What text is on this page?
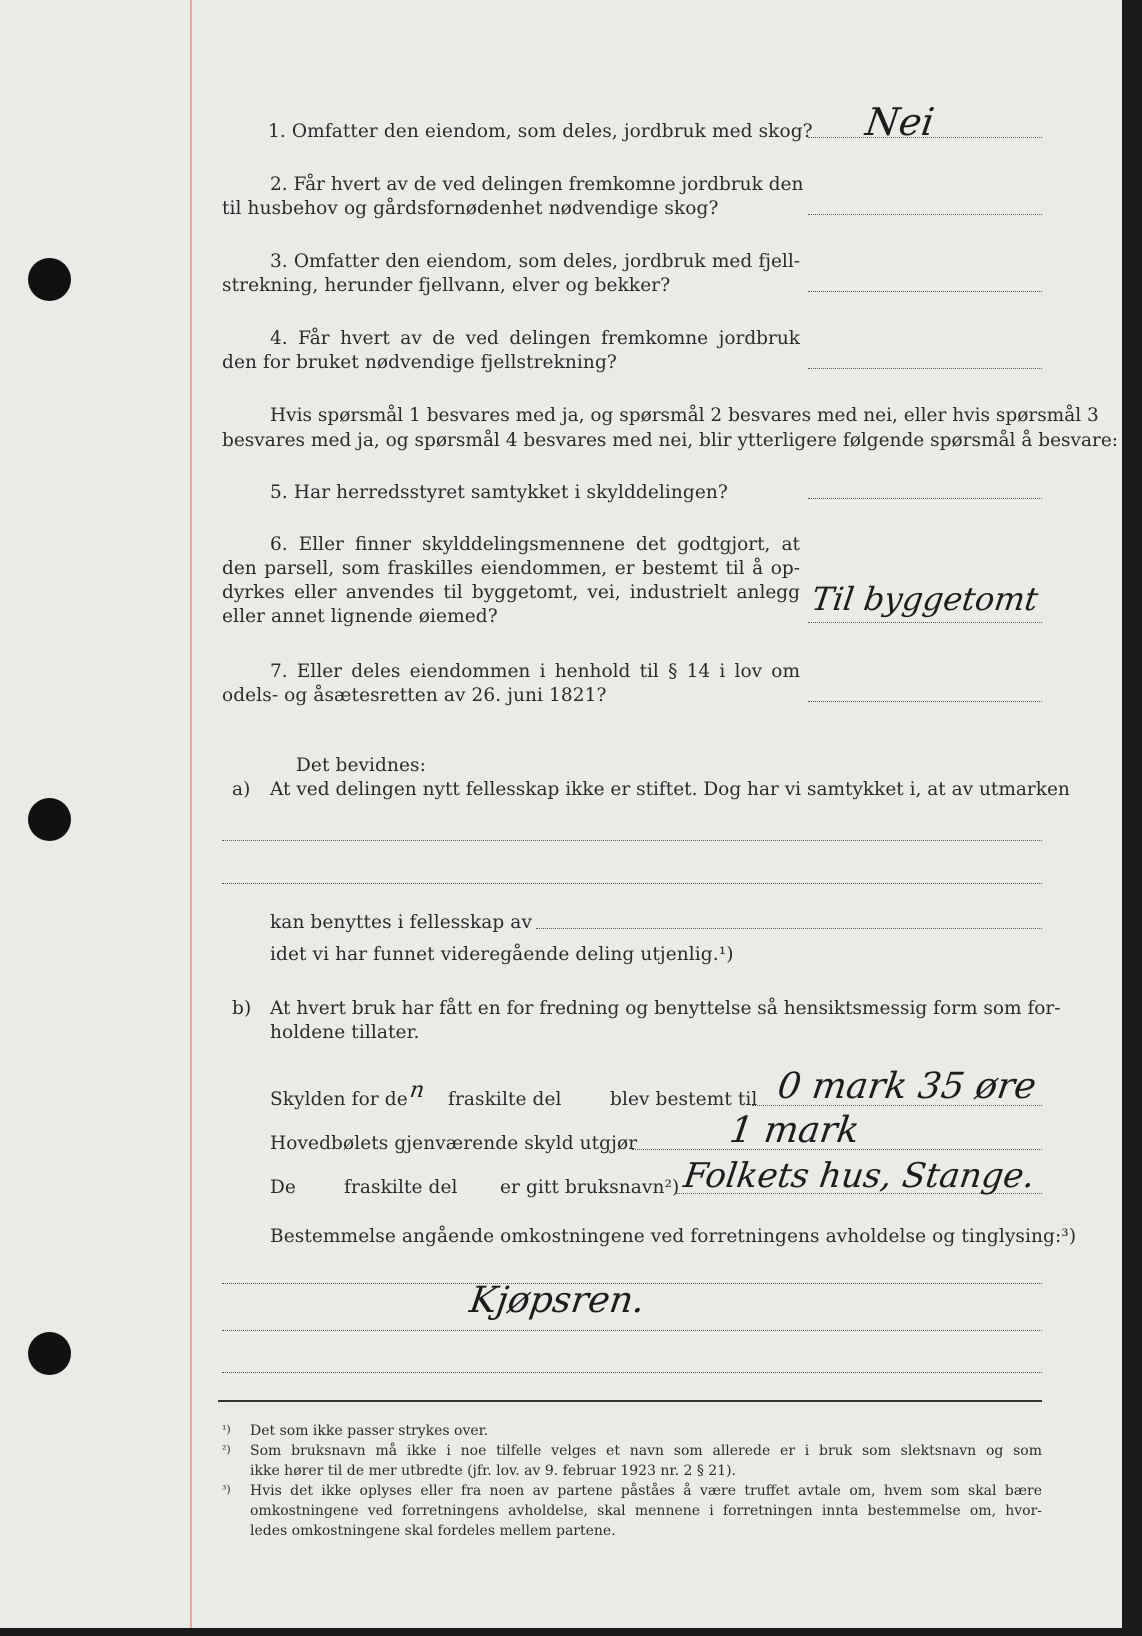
1. Omfatter den eiendom, som deles, jordbruk med skog? Nei
2. Får hvert av de ved delingen fremkomne jordbruk den
til husbehov og gårdsfornødenhet nødvendige skog?
3. Omfatter den eiendom, som deles, jordbruk med fjell-
strekning, herunder fjellvann, elver og bekker?
4. Får hvert av de ved delingen fremkomne jordbruk
den for bruket nødvendige fjellstrekning?
Hvis spørsmål 1 besvares med ja, og spørsmål 2 besvares med nei, eller hvis spørsmål 3
besvares med ja, og spørsmål 4 besvares med nei, blir ytterligere følgende spørsmål å besvare:
5. Har herredsstyret samtykket i skylddelingen?
6. Eller finner skylddelingsmennene det godtgjort, at
den parsell, som fraskilles eiendommen, er bestemt til å op-
dyrkes eller anvendes til byggetomt, vei, industrielt anlegg
eller annet lignende øiemed?	Til byggetomt
7. Eller deles eiendommen i henhold til § 14 i lov om
odels- og åsætesretten av 26. juni 1821?
Det bevidnes:
a) At ved delingen nytt fellesskap ikke er stiftet. Dog har vi samtykket i, at av utmarken
kan benyttes i fellesskap av
idet vi har funnet videregående deling utjenlig.¹)
b) At hvert bruk har fått en for fredning og benyttelse så hensiktsmessig form som for-
holdene tillater.
Skylden for de n fraskilte del	blev bestemt til 0 mark 35 øre
Hovedbølets gjenværende skyld utgjør 1 mark
De	fraskilte del er gitt bruksnavn²) Folkets hus, Stange.
Bestemmelse angående omkostningene ved forretningens avholdelse og tinglysing:³)
Kjøpsren.
¹) Det som ikke passer strykes over.
²) Som bruksnavn må ikke i noe tilfelle velges et navn som allerede er i bruk som slektsnavn og som
ikke hører til de mer utbredte (jfr. lov. av 9. februar 1923 nr. 2 § 21).
³) Hvis det ikke oplyses eller fra noen av partene påståes å være truffet avtale om, hvem som skal bære
omkostningene ved forretningens avholdelse, skal mennene i forretningen innta bestemmelse om, hvor-
ledes omkostningene skal fordeles mellem partene.
